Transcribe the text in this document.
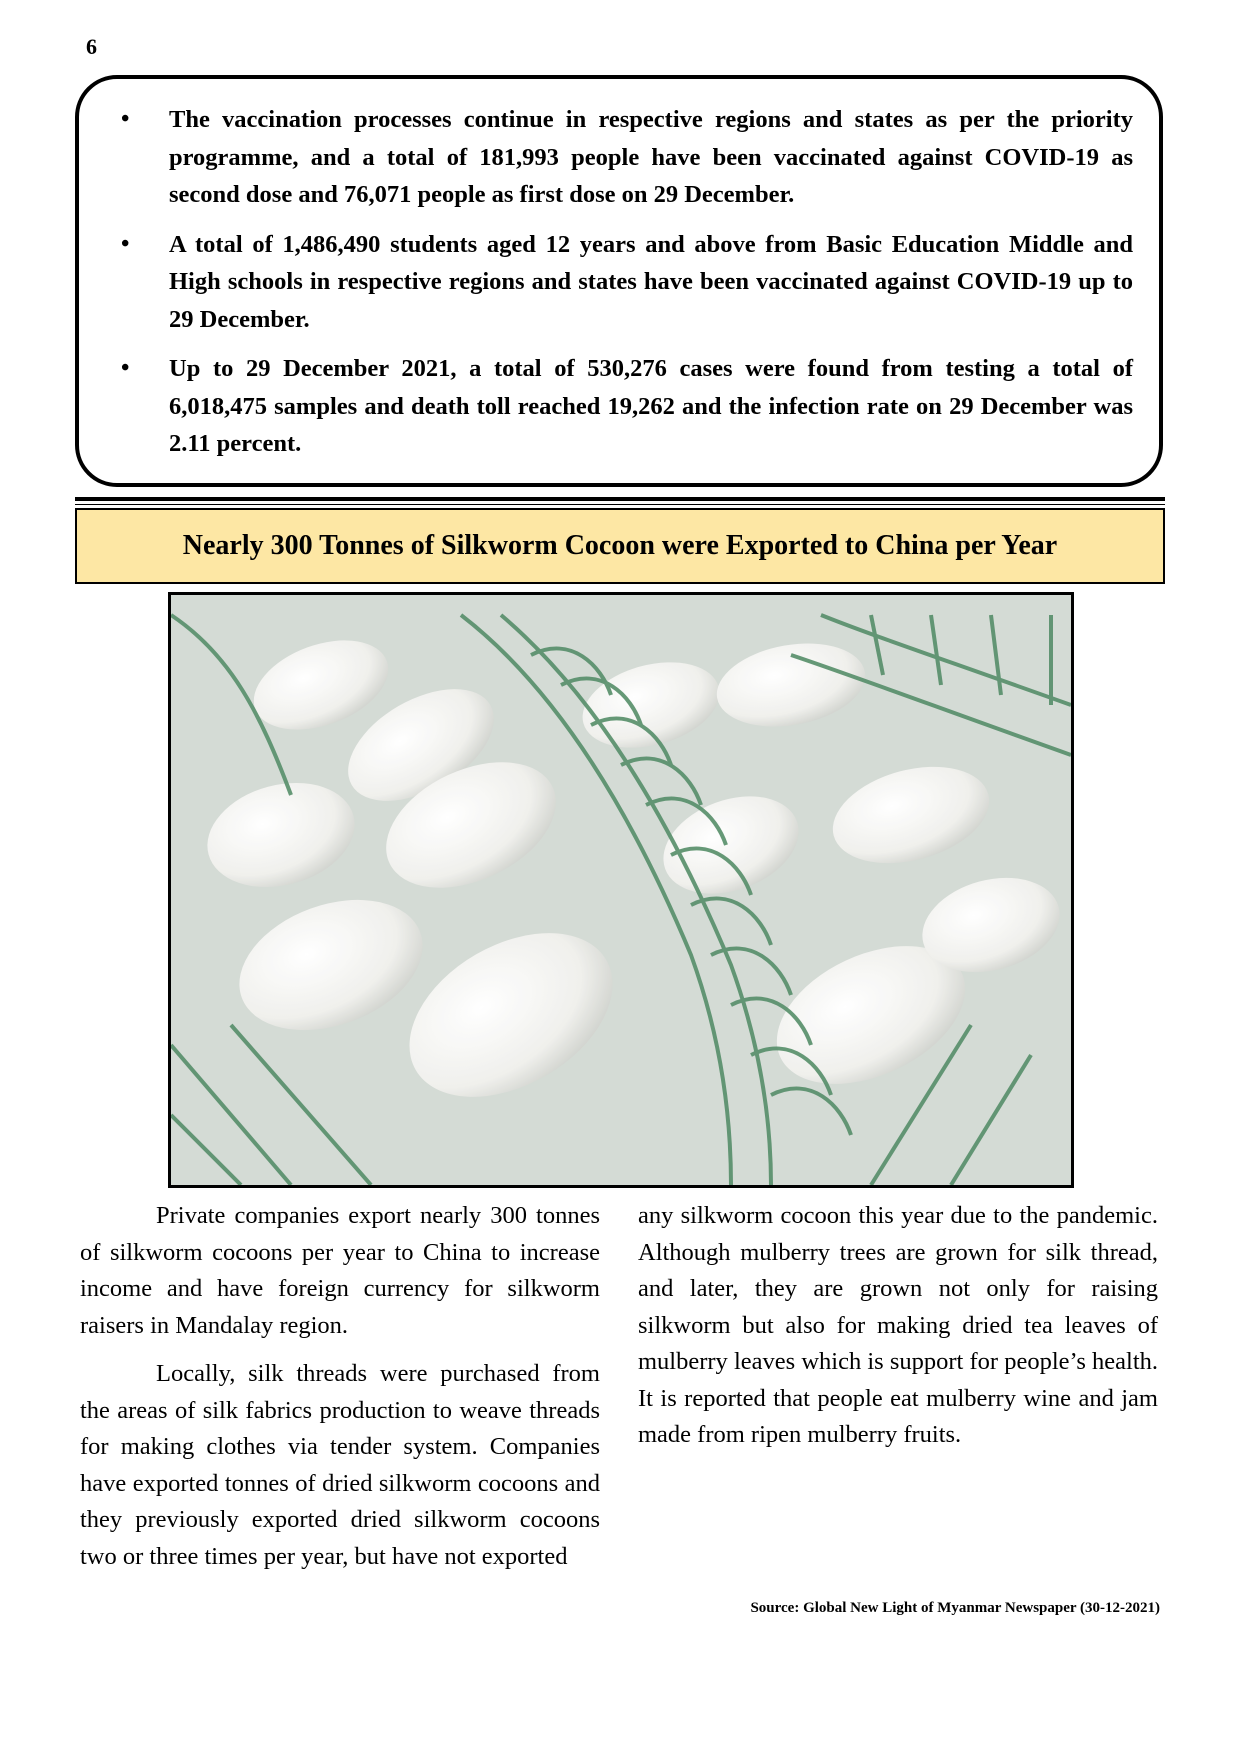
6
• The vaccination processes continue in respective regions and states as per the priority programme, and a total of 181,993 people have been vaccinated against COVID-19 as second dose and 76,071 people as first dose on 29 December.
• A total of 1,486,490 students aged 12 years and above from Basic Education Middle and High schools in respective regions and states have been vaccinated against COVID-19 up to 29 December.
• Up to 29 December 2021, a total of 530,276 cases were found from testing a total of 6,018,475 samples and death toll reached 19,262 and the infection rate on 29 December was 2.11 percent.
Nearly 300 Tonnes of Silkworm Cocoon were Exported to China per Year

Private companies export nearly 300 tonnes of silkworm cocoons per year to China to increase income and have foreign currency for silkworm raisers in Mandalay region.

Locally, silk threads were purchased from the areas of silk fabrics production to weave threads for making clothes via tender system. Companies have exported tonnes of dried silkworm cocoons and they previously exported dried silkworm cocoons two or three times per year, but have not exported

any silkworm cocoon this year due to the pandemic. Although mulberry trees are grown for silk thread, and later, they are grown not only for raising silkworm but also for making dried tea leaves of mulberry leaves which is support for people’s health. It is reported that people eat mulberry wine and jam made from ripen mulberry fruits.

Source: Global New Light of Myanmar Newspaper (30-12-2021)
